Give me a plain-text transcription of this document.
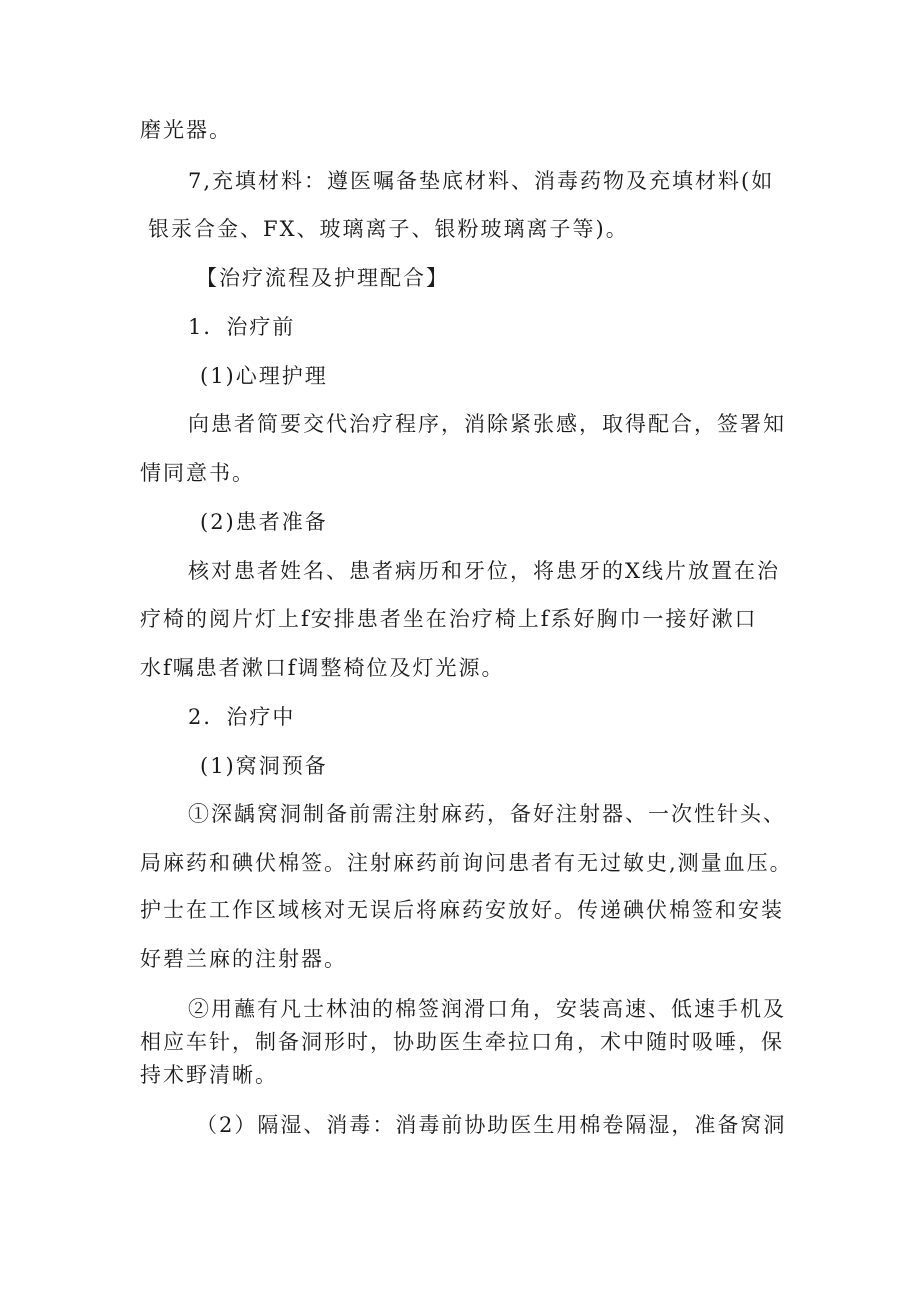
磨光器。
7,充填材料：遵医嘱备垫底材料、消毒药物及充填材料(如
银汞合金、FX、玻璃离子、银粉玻璃离子等)。
【治疗流程及护理配合】
1．治疗前
(1)心理护理
向患者简要交代治疗程序，消除紧张感，取得配合，签署知
情同意书。
(2)患者准备
核对患者姓名、患者病历和牙位，将患牙的X线片放置在治
疗椅的阅片灯上f安排患者坐在治疗椅上f系好胸巾一接好漱口
水f嘱患者漱口f调整椅位及灯光源。
2．治疗中
(1)窝洞预备
①深龋窝洞制备前需注射麻药，备好注射器、一次性针头、
局麻药和碘伏棉签。注射麻药前询问患者有无过敏史,测量血压。
护士在工作区域核对无误后将麻药安放好。传递碘伏棉签和安装
好碧兰麻的注射器。
②用蘸有凡士林油的棉签润滑口角，安装高速、低速手机及
相应车针，制备洞形时，协助医生牵拉口角，术中随时吸唾，保
持术野清晰。
（2）隔湿、消毒：消毒前协助医生用棉卷隔湿，准备窝洞
